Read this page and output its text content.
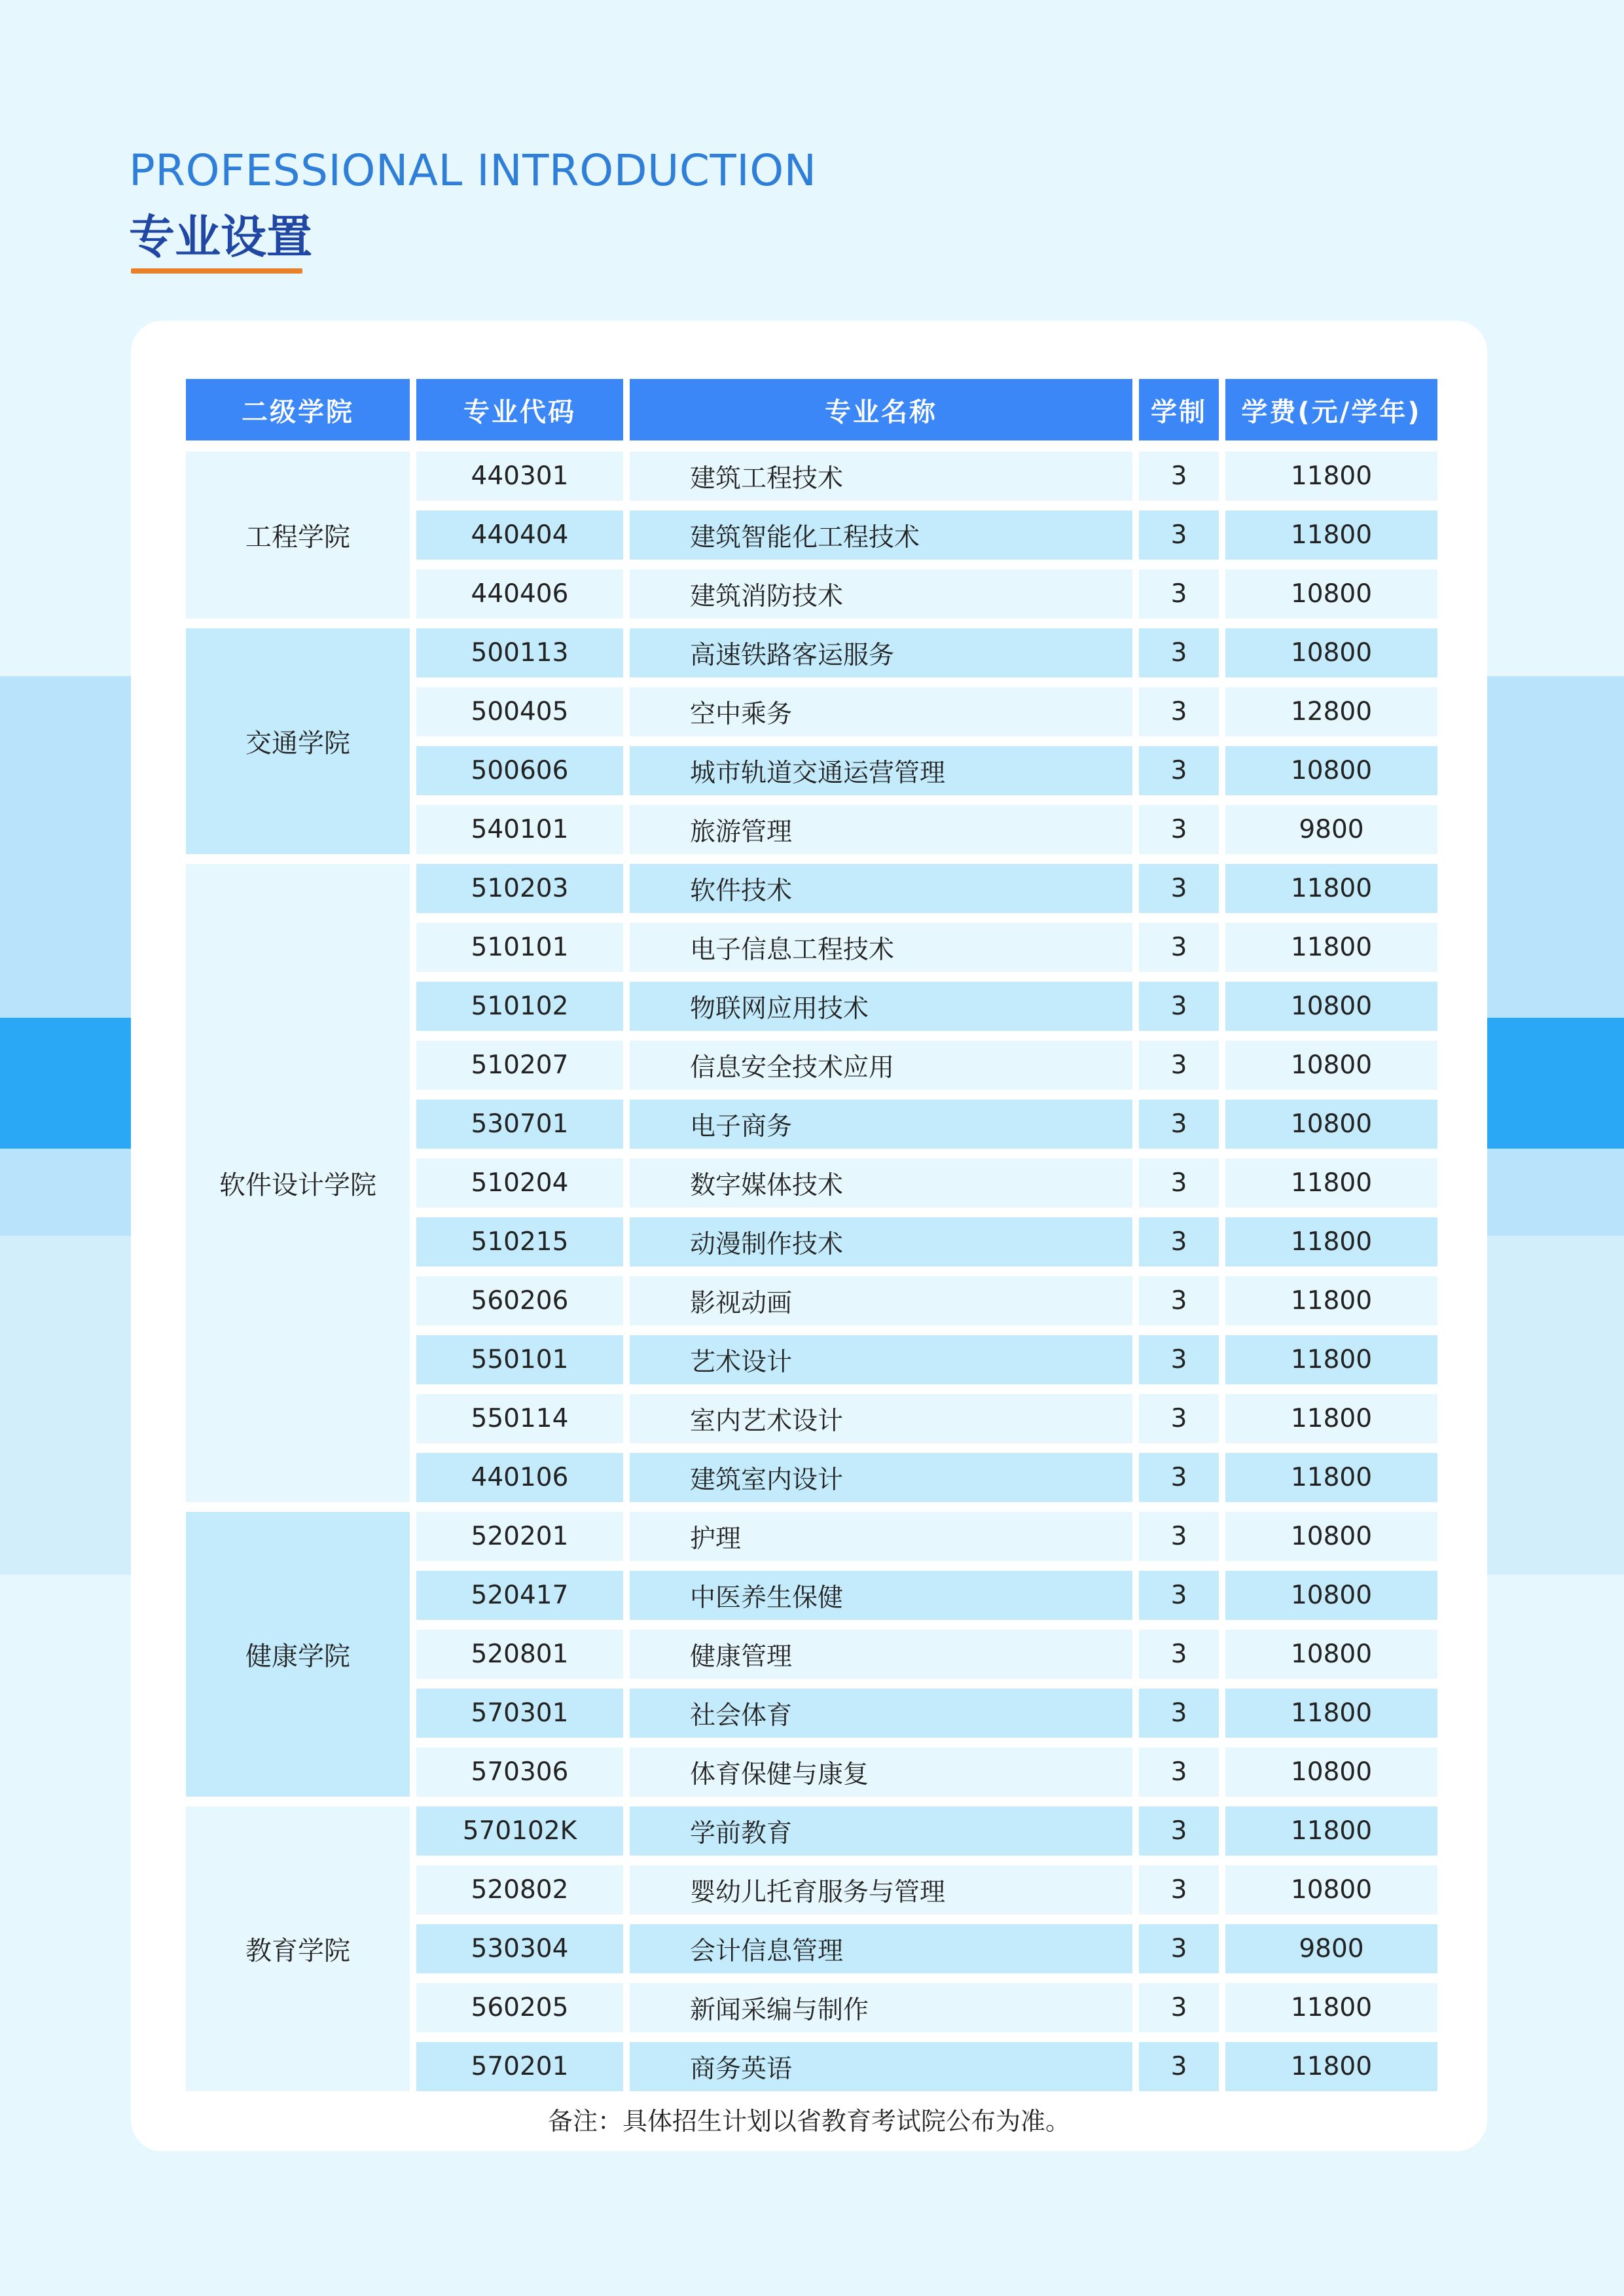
PROFESSIONAL INTRODUCTION
专业设置
二级学院	专业代码	专业名称	学制	学费(元/学年)
工程学院
440301	建筑工程技术	3	11800
440404	建筑智能化工程技术	3	11800
440406	建筑消防技术	3	10800
交通学院
500113	高速铁路客运服务	3	10800
500405	空中乘务	3	12800
500606	城市轨道交通运营管理	3	10800
540101	旅游管理	3	9800
软件设计学院
510203	软件技术	3	11800
510101	电子信息工程技术	3	11800
510102	物联网应用技术	3	10800
510207	信息安全技术应用	3	10800
530701	电子商务	3	10800
510204	数字媒体技术	3	11800
510215	动漫制作技术	3	11800
560206	影视动画	3	11800
550101	艺术设计	3	11800
550114	室内艺术设计	3	11800
440106	建筑室内设计	3	11800
健康学院
520201	护理	3	10800
520417	中医养生保健	3	10800
520801	健康管理	3	10800
570301	社会体育	3	11800
570306	体育保健与康复	3	10800
教育学院
570102K	学前教育	3	11800
520802	婴幼儿托育服务与管理	3	10800
530304	会计信息管理	3	9800
560205	新闻采编与制作	3	11800
570201	商务英语	3	11800
备注：具体招生计划以省教育考试院公布为准。
